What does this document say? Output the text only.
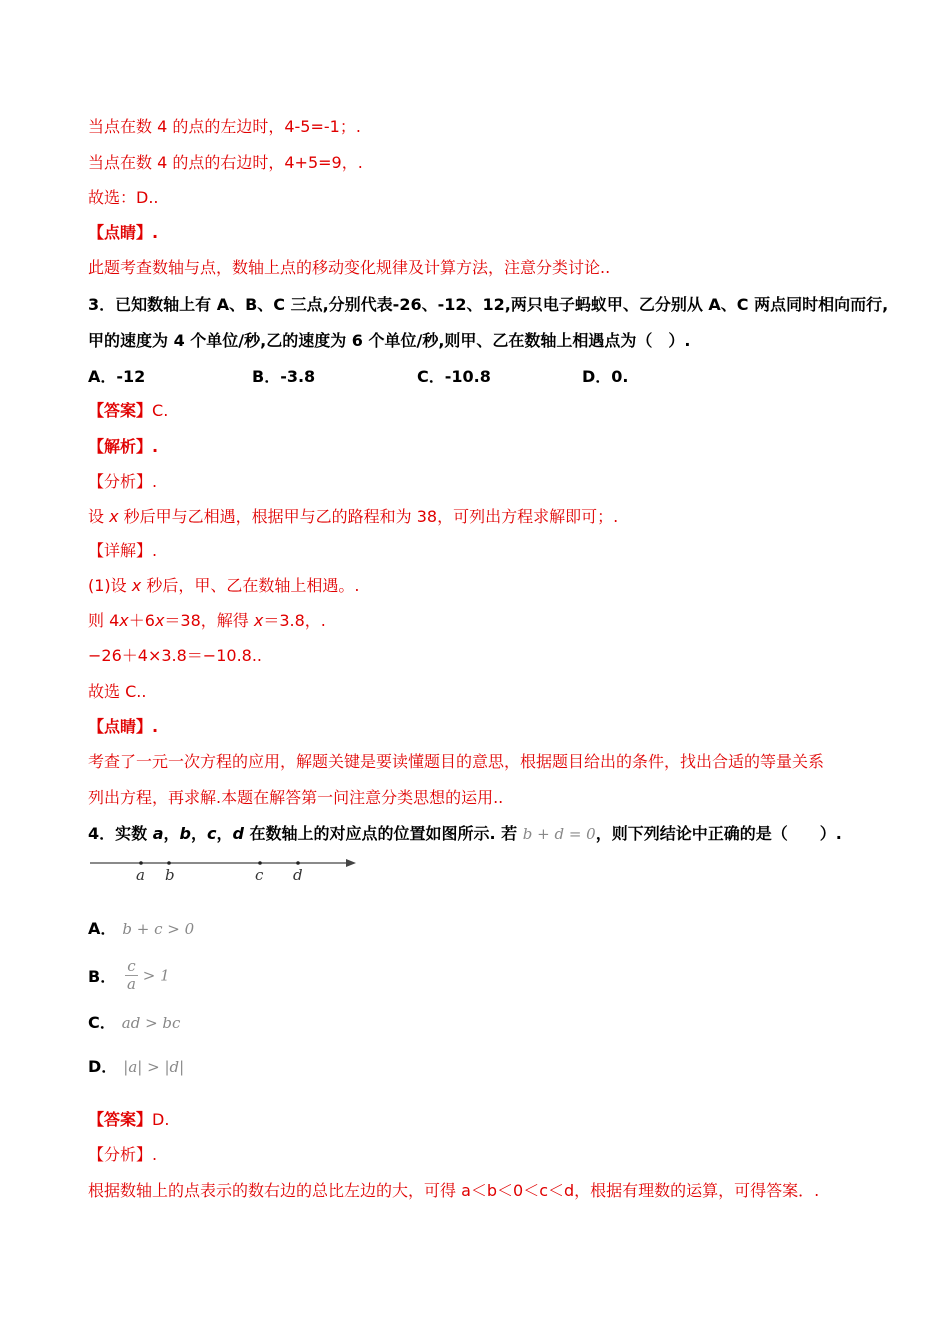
当点在数 4 的点的左边时，4-5=-1；.
当点在数 4 的点的右边时，4+5=9，.
故选：D..
【点睛】.
此题考查数轴与点，数轴上点的移动变化规律及计算方法，注意分类讨论..
3．已知数轴上有 A、B、C 三点,分别代表-26、-12、12,两只电子蚂蚁甲、乙分别从 A、C 两点同时相向而行,
甲的速度为 4 个单位/秒,乙的速度为 6 个单位/秒,则甲、乙在数轴上相遇点为（　）.
A．-12	B．-3.8	C．-10.8	D．0.
【答案】C.
【解析】.
【分析】.
设 x 秒后甲与乙相遇，根据甲与乙的路程和为 38，可列出方程求解即可；.
【详解】.
(1)设 x 秒后，甲、乙在数轴上相遇。.
则 4x＋6x＝38，解得 x＝3.8，.
−26＋4×3.8＝−10.8..
故选 C..
【点睛】.
考查了一元一次方程的应用，解题关键是要读懂题目的意思，根据题目给出的条件，找出合适的等量关系
列出方程，再求解.本题在解答第一问注意分类思想的运用..
4．实数 a，b，c，d 在数轴上的对应点的位置如图所示. 若 b + d = 0，则下列结论中正确的是（　　）.
a b	c d
A． b + c > 0
B． $\frac{c}{a} > 1$
C． ad > bc
D． |a| > |d|
【答案】D.
【分析】.
根据数轴上的点表示的数右边的总比左边的大，可得 a＜b＜0＜c＜d，根据有理数的运算，可得答案．.
